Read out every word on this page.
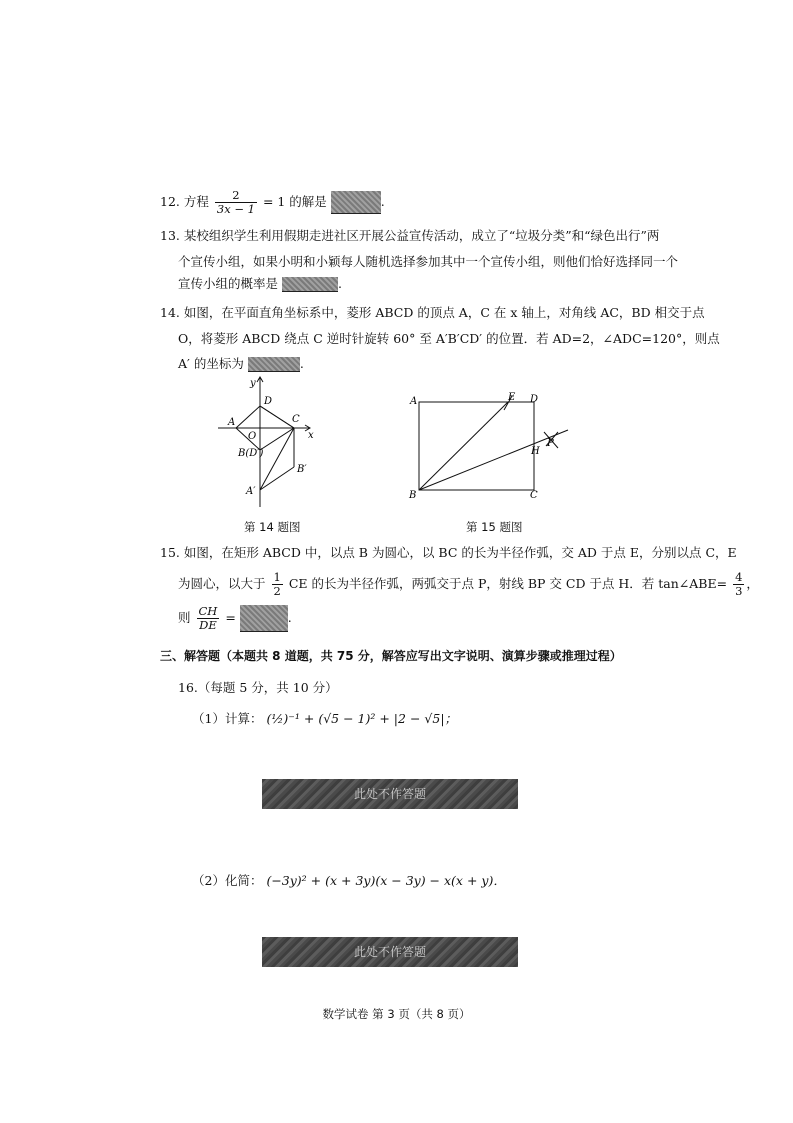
12. 方程 $\frac{2}{3x - 1} = 1$ 的解是	.
13. 某校组织学生利用假期走进社区开展公益宣传活动，成立了“垃圾分类”和“绿色出行”两
个宣传小组，如果小明和小颖每人随机选择参加其中一个宣传小组，则他们恰好选择同一个
宣传小组的概率是	.
14. 如图，在平面直角坐标系中，菱形 ABCD 的顶点 A，C 在 x 轴上，对角线 AC，BD 相交于点
O，将菱形 ABCD 绕点 C 逆时针旋转 60° 至 A′B′CD′ 的位置．若 AD=2，∠ADC=120°，则点
A′ 的坐标为	.
y
x
D
A	C
O
B(D′)
B′
A′
第 14 题图
A	E D
P
H
B	C
第 15 题图
15. 如图，在矩形 ABCD 中，以点 B 为圆心，以 BC 的长为半径作弧，交 AD 于点 E，分别以点 C，E
为圆心，以大于 $\frac{1}{2}$ CE 的长为半径作弧，两弧交于点 P，射线 BP 交 CD 于点 H．若 tan∠ABE= $\frac{4}{3}$ ，
则 $\frac{CH}{DE}$ =	.
三、解答题（本题共 8 道题，共 75 分，解答应写出文字说明、演算步骤或推理过程）
16.（每题 5 分，共 10 分）
（1）计算： (½)⁻¹ + (√5 − 1)² + |2 − √5|；
此处不作答题
（2）化简： (−3y)² + (x + 3y)(x − 3y) − x(x + y)．
此处不作答题
数学试卷 第 3 页（共 8 页）
